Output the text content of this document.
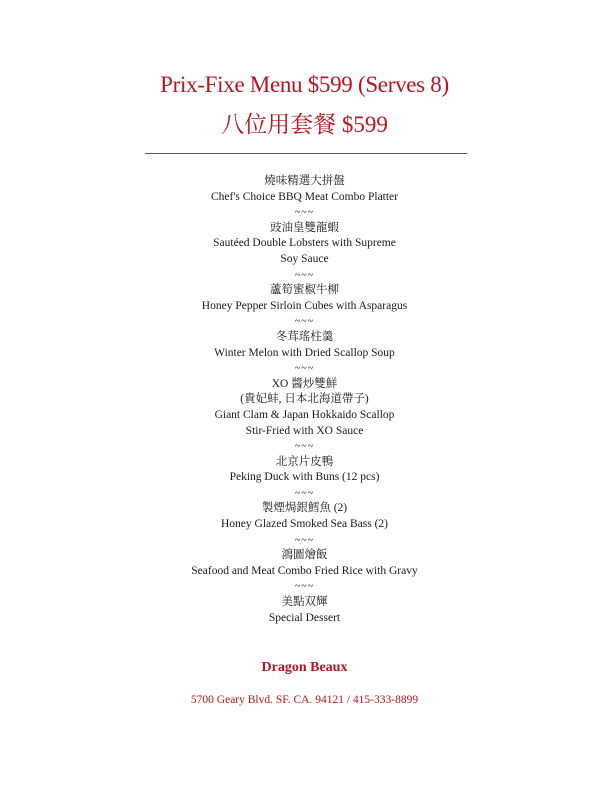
Prix-Fixe Menu $599 (Serves 8)
八位用套餐 $599
燒味精選大拼盤
Chef's Choice BBQ Meat Combo Platter
~~~
豉油皇雙龍蝦
Sautéed Double Lobsters with Supreme
Soy Sauce
~~~
蘆筍蜜椒牛柳
Honey Pepper Sirloin Cubes with Asparagus
~~~
冬茸瑤柱羹
Winter Melon with Dried Scallop Soup
~~~
XO 醬炒雙鮮
(貴妃蚌, 日本北海道帶子)
Giant Clam & Japan Hokkaido Scallop
Stir-Fried with XO Sauce
~~~
北京片皮鴨
Peking Duck with Buns (12 pcs)
~~~
製煙焗銀鱈魚 (2)
Honey Glazed Smoked Sea Bass (2)
~~~
鴻圖燴飯
Seafood and Meat Combo Fried Rice with Gravy
~~~
美點双輝
Special Dessert
Dragon Beaux
5700 Geary Blvd. SF. CA. 94121 / 415-333-8899
